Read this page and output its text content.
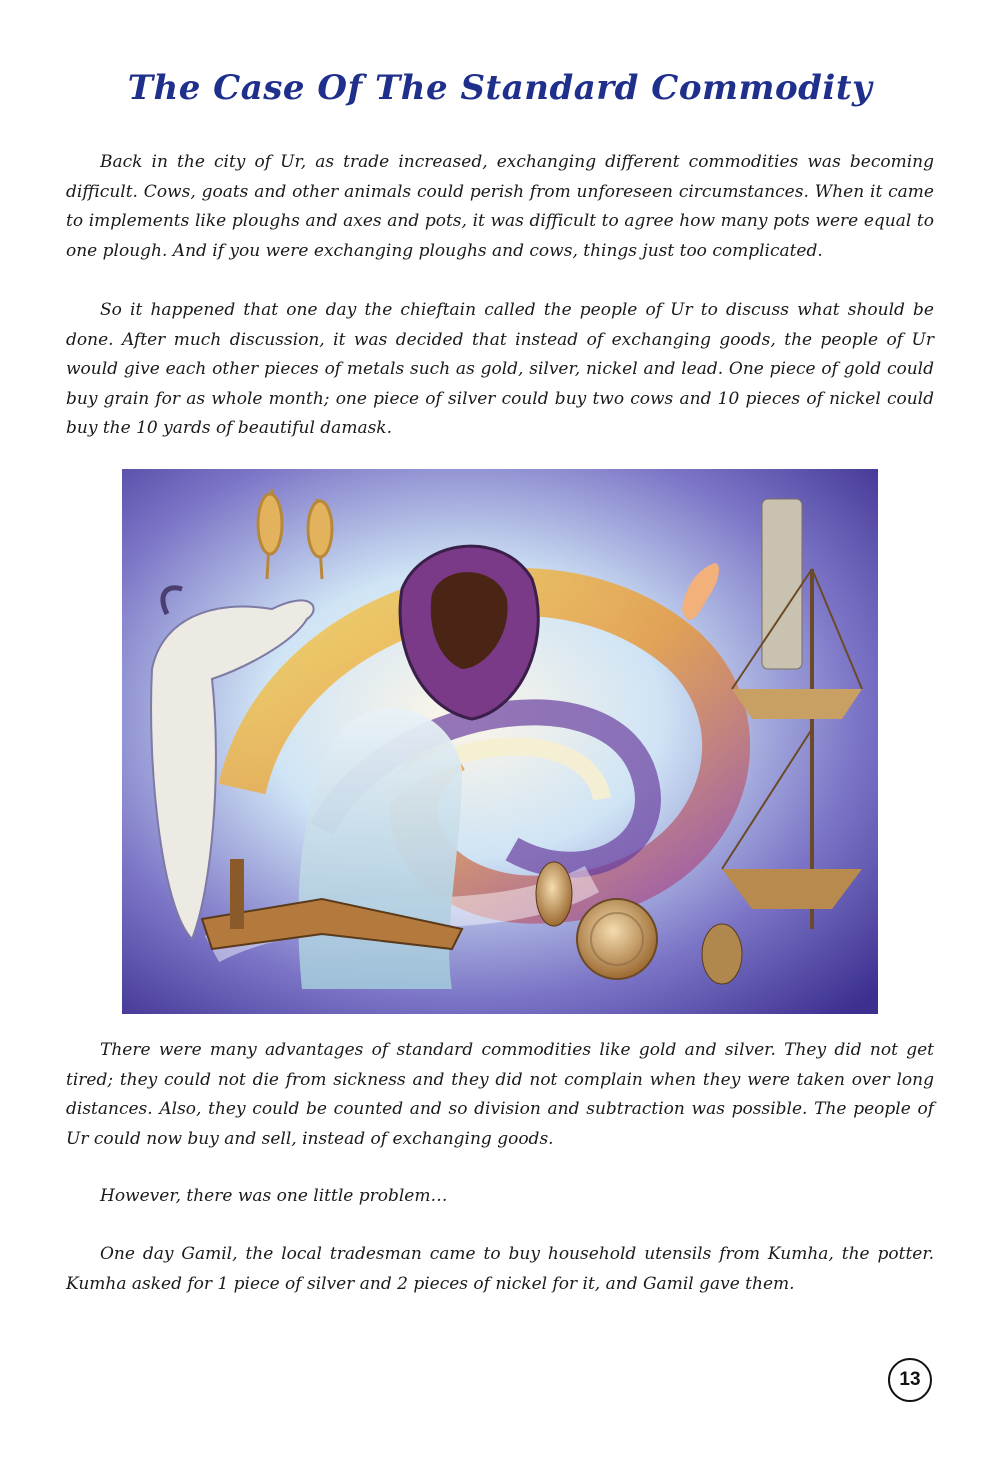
The Case Of The Standard Commodity

Back in the city of Ur, as trade increased, exchanging different commodities was becoming difficult. Cows, goats and other animals could perish from unforeseen circumstances. When it came to implements like ploughs and axes and pots, it was difficult to agree how many pots were equal to one plough. And if you were exchanging ploughs and cows, things just too complicated.

So it happened that one day the chieftain called the people of Ur to discuss what should be done. After much discussion, it was decided that instead of exchanging goods, the people of Ur would give each other pieces of metals such as gold, silver, nickel and lead. One piece of gold could buy grain for as whole month; one piece of silver could buy two cows and 10 pieces of nickel could buy the 10 yards of beautiful damask.

There were many advantages of standard commodities like gold and silver. They did not get tired; they could not die from sickness and they did not complain when they were taken over long distances. Also, they could be counted and so division and subtraction was possible. The people of Ur could now buy and sell, instead of exchanging goods.

However, there was one little problem…

One day Gamil, the local tradesman came to buy household utensils from Kumha, the potter. Kumha asked for 1 piece of silver and 2 pieces of nickel for it, and Gamil gave them.

13
